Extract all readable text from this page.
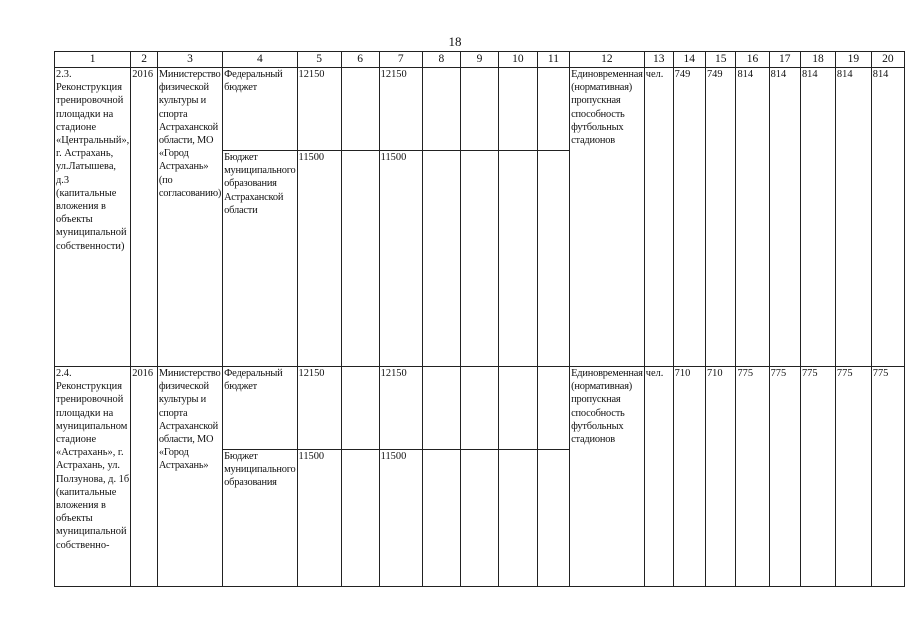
18
1	2	3	4	5	6	7	8	9	10	11	12	13	14	15	16	17	18	19	20
2.3. Реконструкция тренировочной площадки на стадионе «Центральный», г. Астрахань, ул.Латышева, д.3 (капитальные вложения в объекты муниципальной собственности)	2016	Министерство физической культуры и спорта Астраханской области, МО «Город Астрахань» (по согласованию)	Федеральный бюджет	12150		12150					Единовременная (нормативная) пропускная способность футбольных стадионов	чел.	749	749	814	814	814	814	814
			Бюджет муниципального образования Астраханской области	11500		11500													
2.4. Реконструкция тренировочной площадки на муниципальном стадионе «Астрахань», г. Астрахань, ул. Ползунова, д. 1б (капитальные вложения в объекты муниципальной собственно-	2016	Министерство физической культуры и спорта Астраханской области, МО «Город Астрахань»	Федеральный бюджет	12150		12150					Единовременная (нормативная) пропускная способность футбольных стадионов	чел.	710	710	775	775	775	775	775
			Бюджет муниципального образования	11500		11500													
